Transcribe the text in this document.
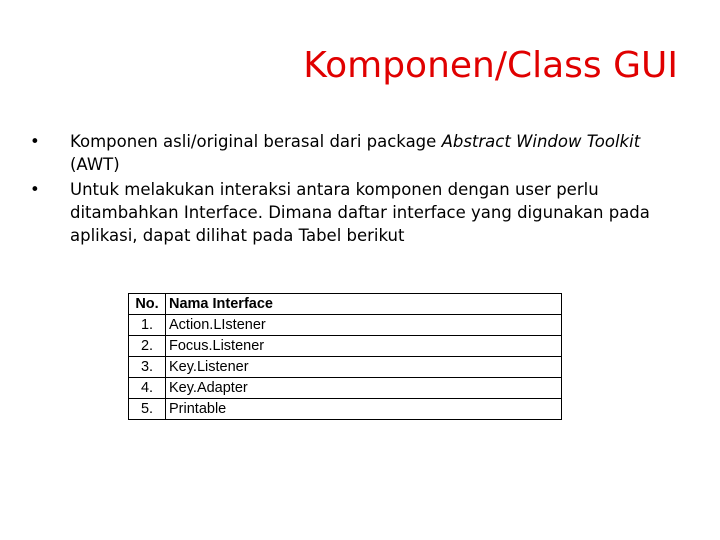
Komponen/Class GUI
•	Komponen asli/original berasal dari package Abstract Window Toolkit (AWT)
•	Untuk melakukan interaksi antara komponen dengan user perlu ditambahkan Interface. Dimana daftar interface yang digunakan pada aplikasi, dapat dilihat pada Tabel berikut
No.	Nama Interface
1.	Action.LIstener
2.	Focus.Listener
3.	Key.Listener
4.	Key.Adapter
5.	Printable
